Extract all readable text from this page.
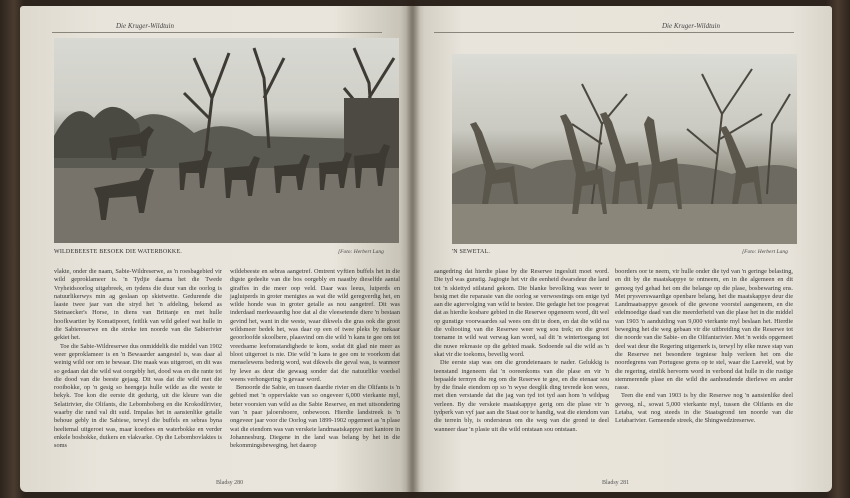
Die Kruger-Wildtuin
WILDEBEESTE BESOEK DIE WATERBOKKE.	[Foto: Herbert Lang

vlakte, onder die naam, Sabie-Wildreserwe, as 'n roesbagebied vir wild geproklameer is. 'n Tydjie daarna het die Twede Vryheidsoorlog uitgebreek, en tydens die duur van die oorlog is natuurlikerwys min ag geslaan op skietwette. Gedurende die laaste twee jaar van die stryd het 'n afdeling, bekend as Steinaecker's Horse, in diens van Brittanje en met hulle hoofkwartier by Komatipoort, feitlik van wild geleef wat hulle in die Sabiereserwe en die streke ten noorde van die Sabierivier gekiet het.

Toe die Sabie-Wildreserwe dus onmiddelik die middel van 1902 weer geproklameer is en 'n Bewaarder aangestel is, was daar al weinig wild oor om te bewaar. Die maak was uitgeroei, en dit was so gedaan dat die wild wat oorgebly het, dood was en die rante tot die dood van die beeste gejaag. Dit was dat die wild met die rooibokke, op 'n gesig so heengeja hulle wilde as die weste te bekyk. Toe kon die eerste dit gedurig, uit die kleure van die Selatirivier, die Olifants, die Lebomboberg en die Krokodilrivier, waarby die rand val dit suid. Impalas het in aansienlike getalle behoue gebly in die Sabiese, terwyl die buffels en sebras byna heeltemal uitgeroei was, maar koedoes en waterbokke en verder enkele bosbokke, duikers en vlakvarke. Op die Lebombovlaktes is soms

wildebeeste en sebras aangetref. Omtrent vyftien buffels het in die digste gedeelte van die bos oorgebly en naastby dieselfde aantal giraffes in die meer oop veld. Daar was leeus, luiperds en jagluiperds in groter menigtes as wat die wild geregverdig het, en wilde honde was in groter getalle as nou aangetref. Dit was inderdaad merkwaardig hoe dat al die vleesetende diere 'n bestaan gevind het, want in die weste, waar dikwels die gras ook die groot wildsmeer bedek het, was daar op een of twee pleks by mekaar geoorloofde skoolbere, plaasvind om die wild 'n kans te gee om tot vreedsame leefomstandighede te kom, sodat dit glad nie meer as bloot uitgeroei is nie. Die wild 'n kans te gee om te voorkom dat menselewens bedreig word, wat dikwels die geval was, is wanneer hy lewe as deur die gewaag sonder dat die natuurlike voedsel weens verhongering 'n gevaar word.

Benoorde die Sabie, en tussen daardie rivier en die Olifants is 'n gebied met 'n oppervlakte van so ongeveer 6,000 vierkante myl, beter voorsien van wild as die Sabie Reserwe, en met uitsondering van 'n paar jaloersboere, onbewoon. Hierdie landstreek is 'n ongeveer jaar voor die Oorlog van 1899-1902 opgemeet as 'n plase wat die eiendom was van verskeie landmaatskappye met kantore in Johannesburg. Diegene in die land was belang by het in die bekommingsbeweging, het daarop

Bladsy 280
Die Kruger-Wildtuin
'N SEWETAL.	[Foto: Herbert Lang

aangedring dat hierdie plase by die Reserwe ingesluit moet word. Die tyd was gunstig. Jagtogte het vir die eenheid dwarsdeur die land tot 'n skiettyd stilstand gekom. Die blanke bevolking was weer te besig met die reparasie van die oorlog se verwoestings om enige tyd aan die agtervolging van wild te bestee. Die gedagte het toe posgevat dat as hierdie kosbare gebied in die Reserwe opgeneem word, dit wel op gunstige voorwaardes sal wees om dit te doen, en dat die wild na die voltooiing van die Reserwe weer weg sou trek; en die groot toename in wild wat verwag kan word, sal dit 'n wintertoegang tot die nuwe rekreasie op die gebied maak. Sodoende sal die wild as 'n skat vir die toekoms, beveilig word.

Die eerste stap was om die grondeienaars te nader. Gelukkig is teenstand ingeneem dat 'n ooreenkoms van die plase en vir 'n bepaalde termyn die reg om die Reserwe te gee, en die eienaar sou by die finale eiendom op so 'n wyse deeglik ding tevrede kon wees, met dien verstande dat die jag van tyd tot tyd aan hom 'n wildpag verleen. By die verskeie maatskappye gerig om die plase vir 'n tydperk van vyf jaar aan die Staat oor te handig, wat die eiendom van die terrein bly, is ondersteun om die weg van die grond te deel wanneer daar 'n plasie uit die wild ontstaan sou ontstaan.

boorders oor te neem, vir hulle onder die tyd van 'n geringe belasting, en dit by die maatskappye te ontneem, en in die algemeen en dit genoeg tyd gehad het om die belange op die plase, bosbewaring ens. Met prysverswaardige openbare belang, het die maatskappye deur die Landmaatsappye gesoek of die gewone voorstel aangeneem, en die edelmoedige daad van die meerderheid van die plase het in die middel van 1903 'n aanduiding van 9,000 vierkante myl beslaan het. Hierdie beweging het die weg gebaan vir die uitbreiding van die Reserwe tot die noorde van die Sabie- en die Olifantsrivier. Met 'n weids opgemeet deel wat deur die Regering uitgemerk is, terwyl hy elke nuwe stap van die Reserwe net besondere tegniese hulp verleen het om die noordegrens van Portugese grens op te stel, waar die Laeveld, wat by die regering, eintlik hervorm word in verbond dat hulle in die rustige stemmerende plase en die wild die aanhoudende dierlewe en ander rasse.

Teen die end van 1903 is by die Reserwe nog 'n aansienlike deel gevoeg, nl., sowat 5,000 vierkante myl, tussen die Olifants en die Letaba, wat nog steeds in die Staatsgrond ten noorde van die Letabarivier. Gemeende streek, die Shingwedzireserwe.

Bladsy 281
